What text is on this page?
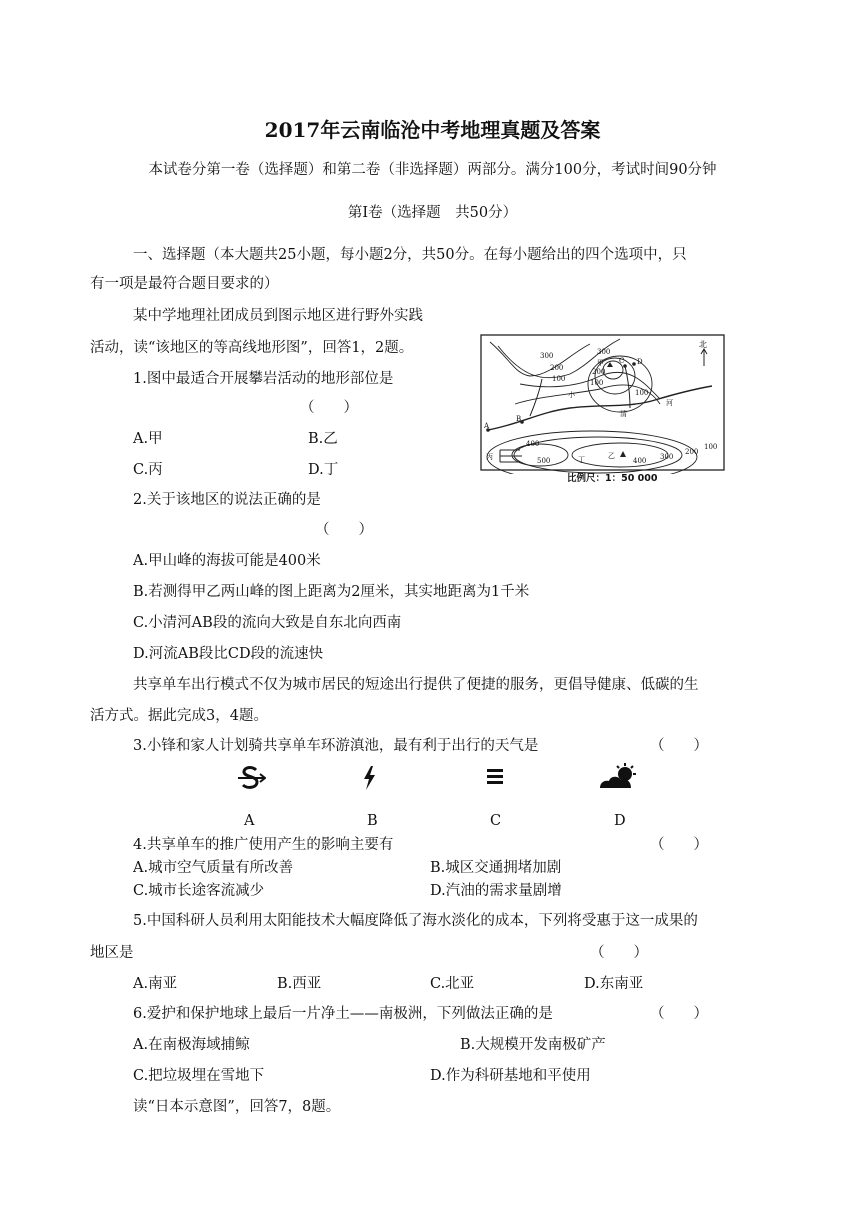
2017年云南临沧中考地理真题及答案
本试卷分第一卷（选择题）和第二卷（非选择题）两部分。满分100分，考试时间90分钟
第Ⅰ卷（选择题　共50分）
一、选择题（本大题共25小题，每小题2分，共50分。在每小题给出的四个选项中，只
有一项是最符合题目要求的）
某中学地理社团成员到图示地区进行野外实践
活动，读“该地区的等高线地形图”，回答1，2题。
1.图中最适合开展攀岩活动的地形部位是
（　　）
A.甲	B.乙
C.丙	D.丁
北
300
200
100
300
200
100
100
500	400 300
200
100
400
甲
乙
丙	丁
A
B
C D
小
清
河
比例尺：1：50 000
2.关于该地区的说法正确的是
（　　）
A.甲山峰的海拔可能是400米
B.若测得甲乙两山峰的图上距离为2厘米，其实地距离为1千米
C.小清河AB段的流向大致是自东北向西南
D.河流AB段比CD段的流速快
共享单车出行模式不仅为城市居民的短途出行提供了便捷的服务，更倡导健康、低碳的生
活方式。据此完成3，4题。
3.小锋和家人计划骑共享单车环游滇池，最有利于出行的天气是	（　　）
A	B	C	D
4.共享单车的推广使用产生的影响主要有	（　　）
A.城市空气质量有所改善	B.城区交通拥堵加剧
C.城市长途客流减少	D.汽油的需求量剧增
5.中国科研人员利用太阳能技术大幅度降低了海水淡化的成本，下列将受惠于这一成果的
地区是	（　　）
A.南亚	B.西亚	C.北亚	D.东南亚
6.爱护和保护地球上最后一片净土——南极洲，下列做法正确的是	（　　）
A.在南极海域捕鲸	B.大规模开发南极矿产
C.把垃圾埋在雪地下	D.作为科研基地和平使用
读“日本示意图”，回答7，8题。
